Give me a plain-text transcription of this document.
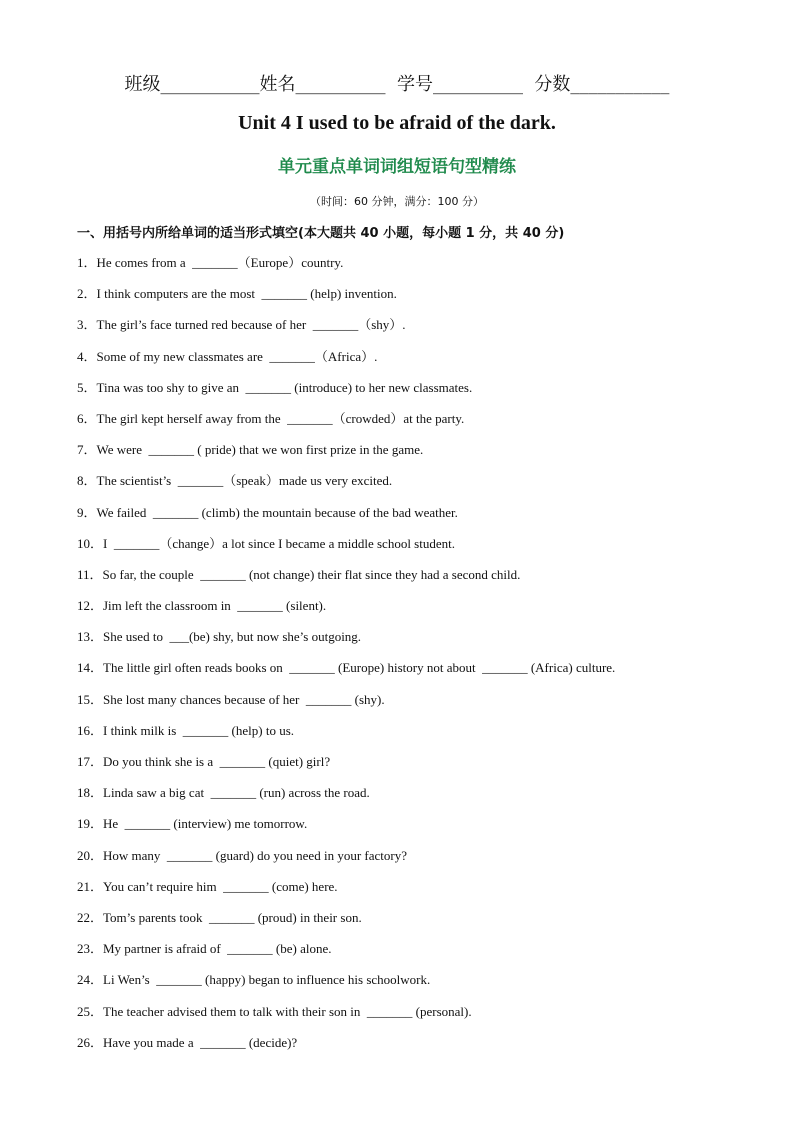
班级___________姓名__________  学号__________  分数___________
Unit 4 I used to be afraid of the dark.
单元重点单词词组短语句型精练
（时间：60 分钟，满分：100 分）
一、用括号内所给单词的适当形式填空(本大题共 40 小题，每小题 1 分，共 40 分)
1．He comes from a  _______（Europe）country.
2．I think computers are the most  _______ (help) invention.
3．The girl’s face turned red because of her  _______（shy）.
4．Some of my new classmates are  _______（Africa）.
5．Tina was too shy to give an  _______ (introduce) to her new classmates.
6．The girl kept herself away from the  _______（crowded）at the party.
7．We were  _______ ( pride) that we won first prize in the game.
8．The scientist’s  _______（speak）made us very excited.
9．We failed  _______ (climb) the mountain because of the bad weather.
10．I  _______（change）a lot since I became a middle school student.
11．So far, the couple  _______ (not change) their flat since they had a second child.
12．Jim left the classroom in  _______ (silent).
13．She used to  ___(be) shy, but now she’s outgoing.
14．The little girl often reads books on  _______ (Europe) history not about  _______ (Africa) culture.
15．She lost many chances because of her  _______ (shy).
16．I think milk is  _______ (help) to us.
17．Do you think she is a  _______ (quiet) girl?
18．Linda saw a big cat  _______ (run) across the road.
19．He  _______ (interview) me tomorrow.
20．How many  _______ (guard) do you need in your factory?
21．You can’t require him  _______ (come) here.
22．Tom’s parents took  _______ (proud) in their son.
23．My partner is afraid of  _______ (be) alone.
24．Li Wen’s  _______ (happy) began to influence his schoolwork.
25．The teacher advised them to talk with their son in  _______ (personal).
26．Have you made a  _______ (decide)?
